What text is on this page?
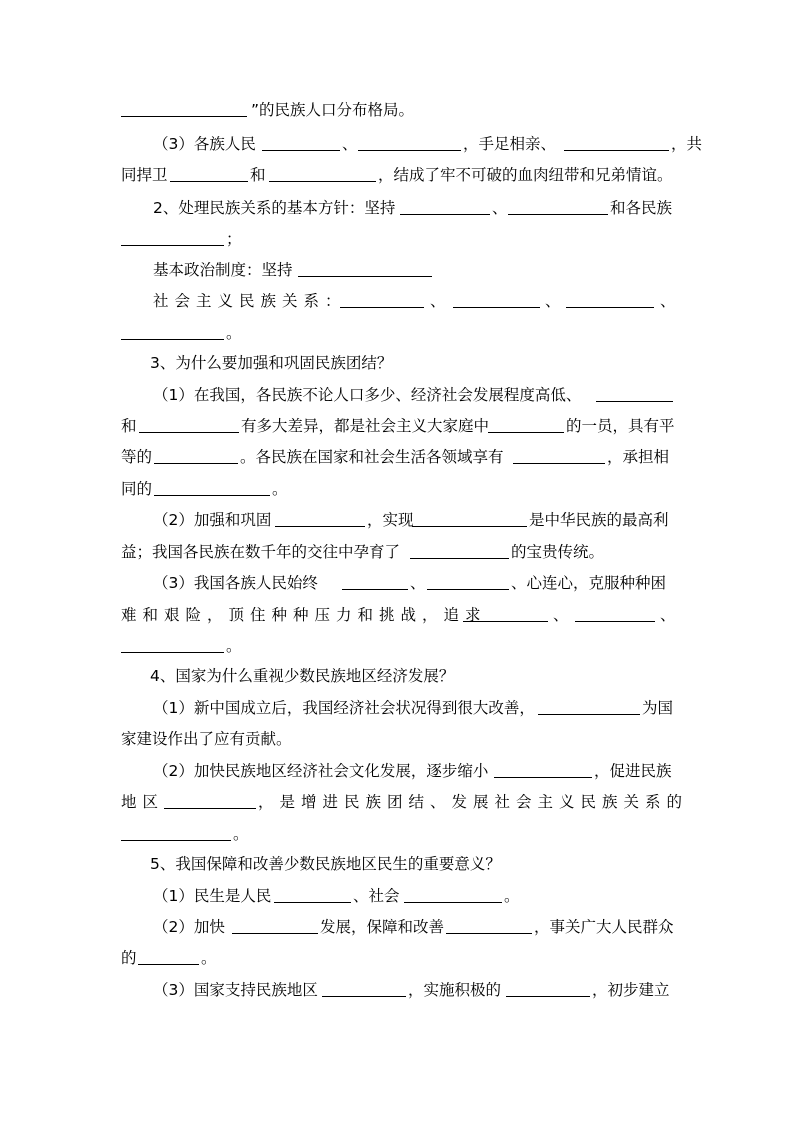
”的民族人口分布格局。
（3）各族人民	、	，手足相亲、	，共
同捍卫	和	，结成了牢不可破的血肉纽带和兄弟情谊。
2、处理民族关系的基本方针：坚持	、	和各民族
；
基本政治制度：坚持
社会主义民族关系：	、	、	、
。
3、为什么要加强和巩固民族团结？
（1）在我国，各民族不论人口多少、经济社会发展程度高低、
和	有多大差异，都是社会主义大家庭中	的一员，具有平
等的	。各民族在国家和社会生活各领域享有	，承担相
同的	。
（2）加强和巩固	，实现	是中华民族的最高利
益；我国各民族在数千年的交往中孕育了	的宝贵传统。
（3）我国各族人民始终	、	、心连心，克服种种困
难和艰险，顶住种种压力和挑战，追求	、	、
。
4、国家为什么重视少数民族地区经济发展？
（1）新中国成立后，我国经济社会状况得到很大改善，	为国
家建设作出了应有贡献。
（2）加快民族地区经济社会文化发展，逐步缩小	，促进民族
地区	，是增进民族团结、发展社会主义民族关系的
。
5、我国保障和改善少数民族地区民生的重要意义？
（1）民生是人民	、社会	。
（2）加快	发展，保障和改善	，事关广大人民群众
的	。
（3）国家支持民族地区	，实施积极的	，初步建立
